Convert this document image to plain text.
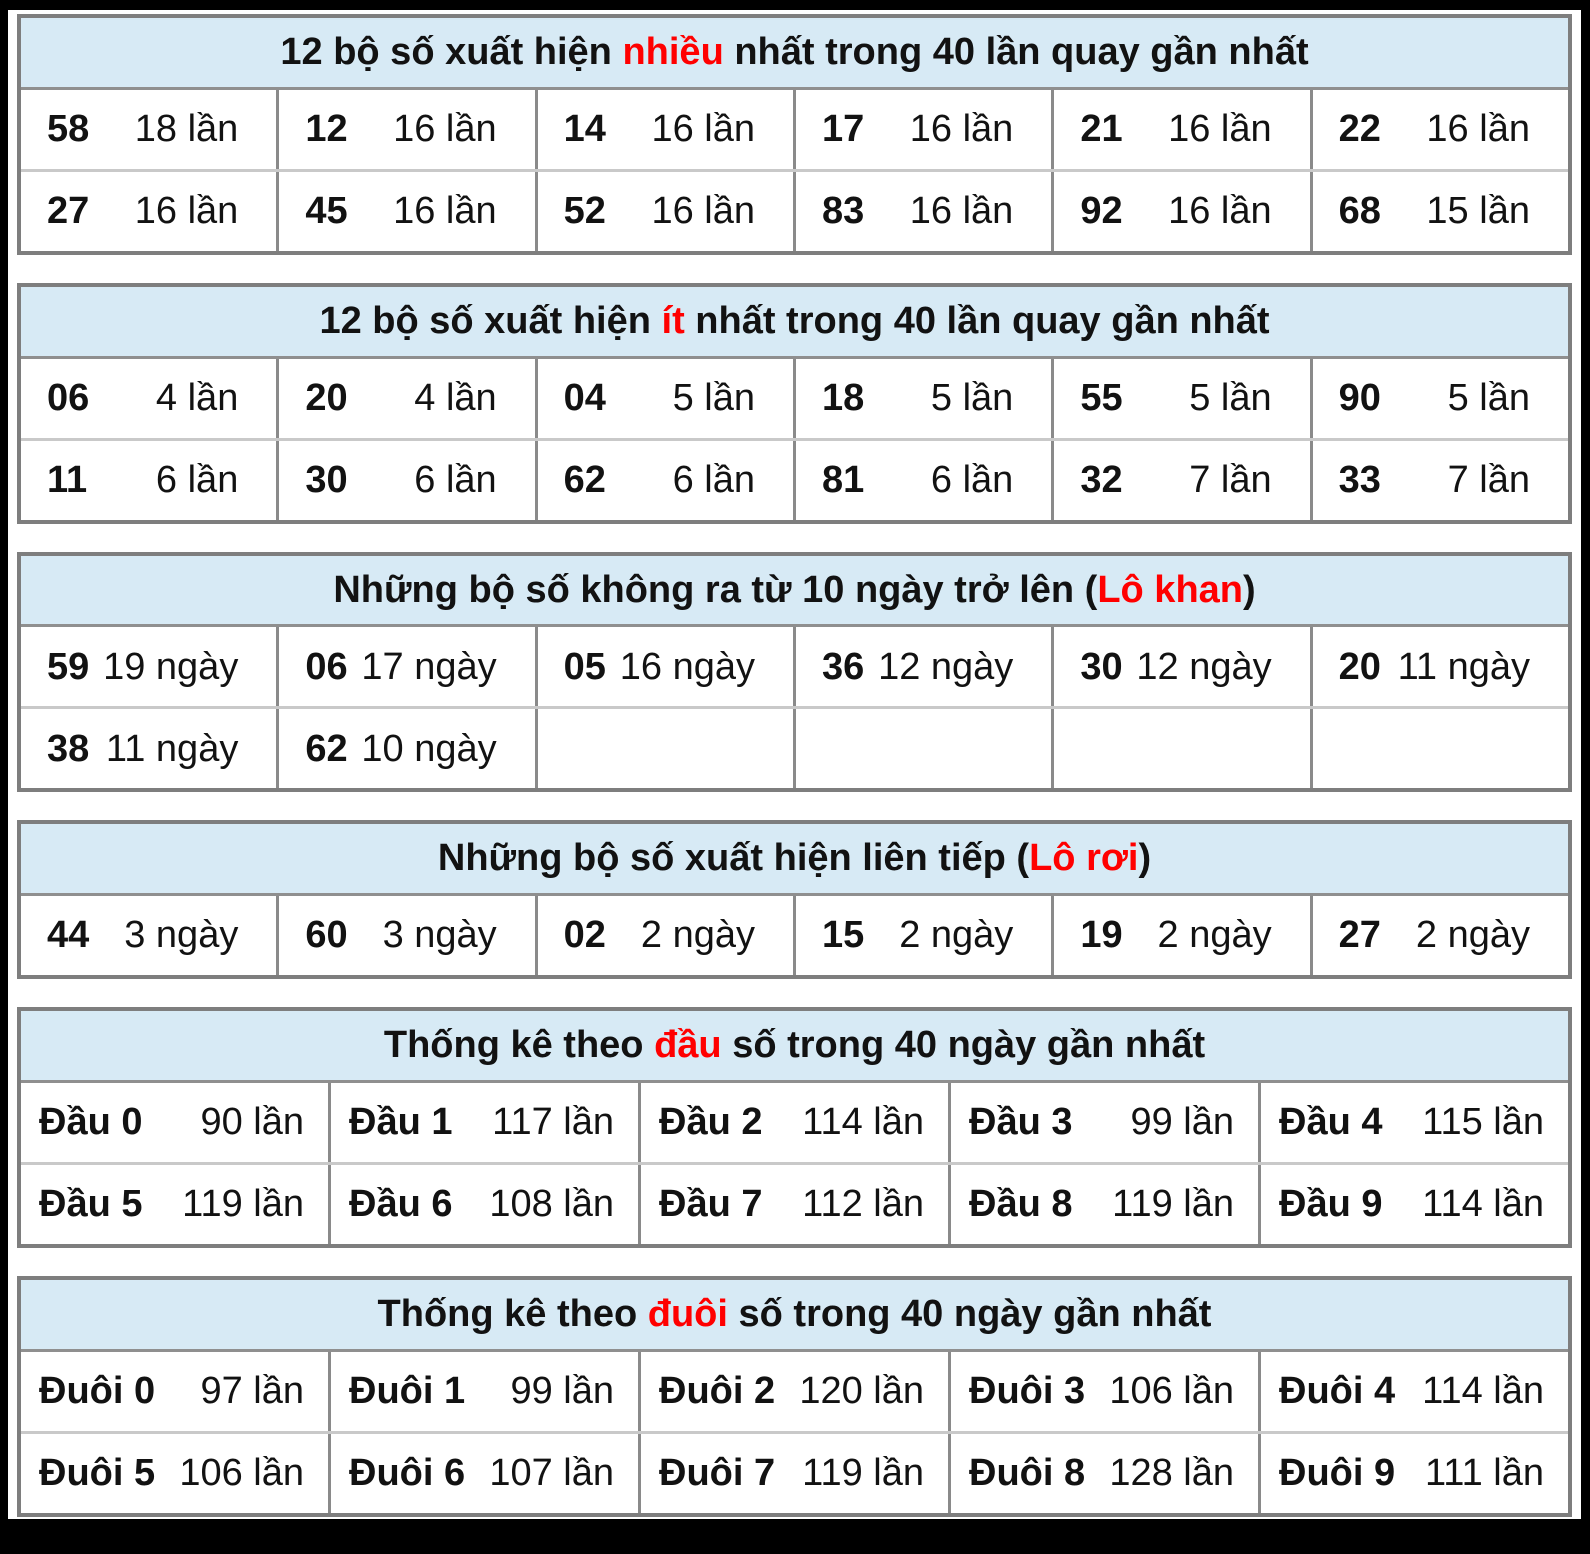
12 bộ số xuất hiện nhiều nhất trong 40 lần quay gần nhất
58 18 lần 12 16 lần 14 16 lần 17 16 lần 21 16 lần 22 16 lần
27 16 lần 45 16 lần 52 16 lần 83 16 lần 92 16 lần 68 15 lần
12 bộ số xuất hiện ít nhất trong 40 lần quay gần nhất
06 4 lần 20 4 lần 04 5 lần 18 5 lần 55 5 lần 90 5 lần
11 6 lần 30 6 lần 62 6 lần 81 6 lần 32 7 lần 33 7 lần
Những bộ số không ra từ 10 ngày trở lên (Lô khan)
59 19 ngày 06 17 ngày 05 16 ngày 36 12 ngày 30 12 ngày 20 11 ngày
38 11 ngày 62 10 ngày
Những bộ số xuất hiện liên tiếp (Lô rơi)
44 3 ngày 60 3 ngày 02 2 ngày 15 2 ngày 19 2 ngày 27 2 ngày
Thống kê theo đầu số trong 40 ngày gần nhất
Đầu 0 90 lần Đầu 1 117 lần Đầu 2 114 lần Đầu 3 99 lần Đầu 4 115 lần
Đầu 5 119 lần Đầu 6 108 lần Đầu 7 112 lần Đầu 8 119 lần Đầu 9 114 lần
Thống kê theo đuôi số trong 40 ngày gần nhất
Đuôi 0 97 lần Đuôi 1 99 lần Đuôi 2 120 lần Đuôi 3 106 lần Đuôi 4 114 lần
Đuôi 5 106 lần Đuôi 6 107 lần Đuôi 7 119 lần Đuôi 8 128 lần Đuôi 9 111 lần
